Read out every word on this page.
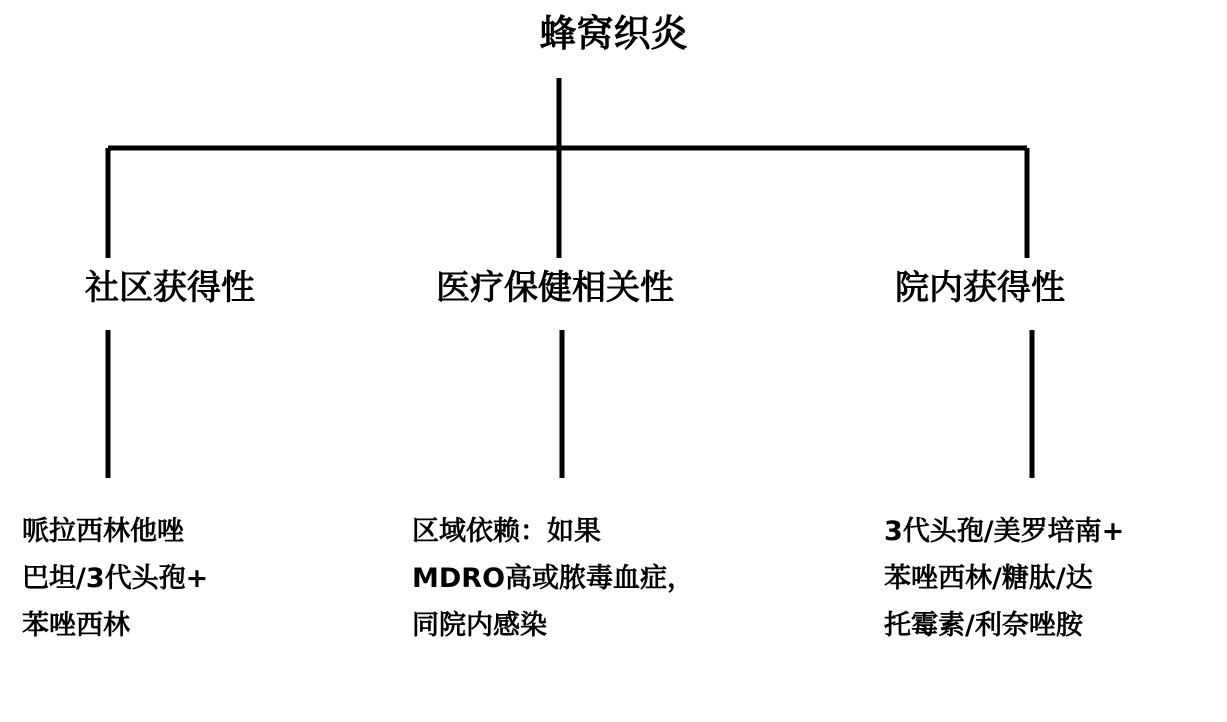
蜂窝织炎
社区获得性	医疗保健相关性	院内获得性
哌拉西林他唑
巴坦/3代头孢+
苯唑西林
区域依赖：如果
MDRO高或脓毒血症，
同院内感染
3代头孢/美罗培南+
苯唑西林/糖肽/达
托霉素/利奈唑胺
